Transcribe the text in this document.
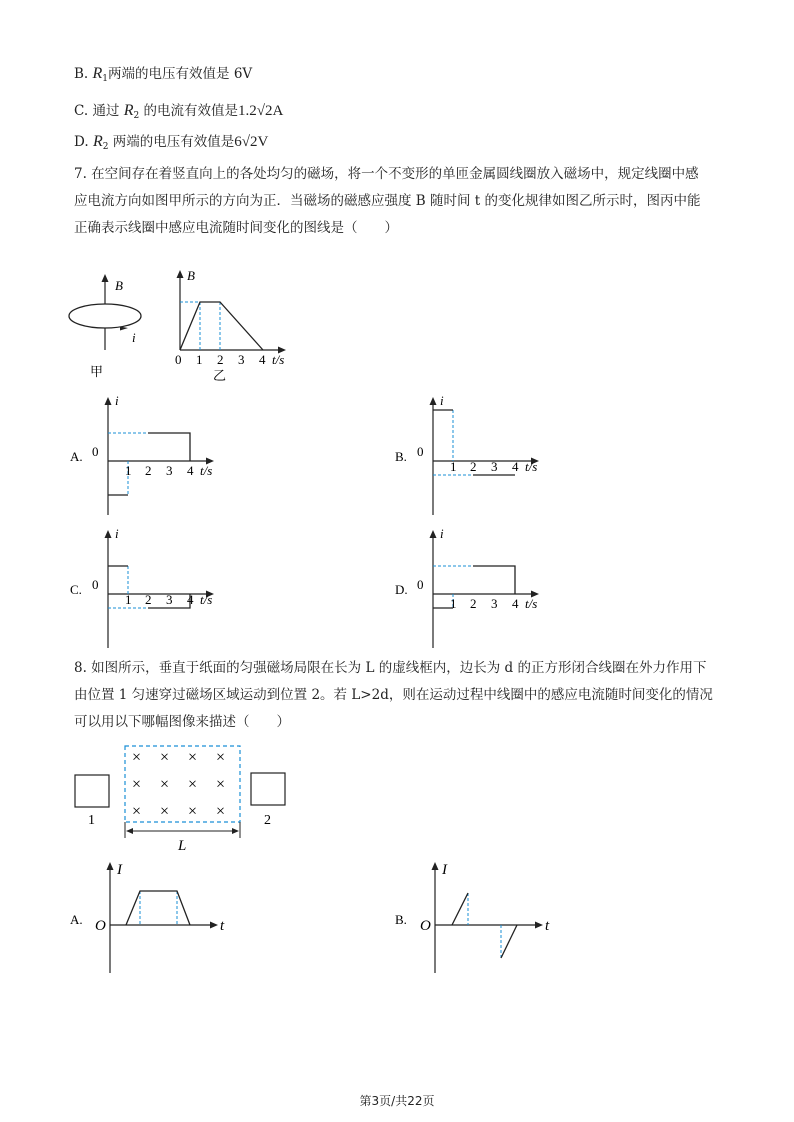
B. $R_1$两端的电压有效值是 6V
C. 通过 $R_2$ 的电流有效值是1.2√2A
D. $R_2$ 两端的电压有效值是6√2V
7. 在空间存在着竖直向上的各处均匀的磁场，将一个不变形的单匝金属圆线圈放入磁场中，规定线圈中感
应电流方向如图甲所示的方向为正．当磁场的磁感应强度 B 随时间 t 的变化规律如图乙所示时，图丙中能
正确表示线圈中感应电流随时间变化的图线是（　　）
B
i
甲
B
0 1 2 3 4 t/s
乙
A.
i
0
1 2 3 4 t/s
B.
i
0
1 2 3 4 t/s
C.
i
0
1 2 3 4 t/s
D.
i
0
1 2 3 4 t/s
8. 如图所示，垂直于纸面的匀强磁场局限在长为 L 的虚线框内，边长为 d 的正方形闭合线圈在外力作用下
由位置 1 匀速穿过磁场区域运动到位置 2。若 L>2d，则在运动过程中线圈中的感应电流随时间变化的情况
可以用以下哪幅图像来描述（　　）
1
× × × ×
× × × ×
× × × ×
2
L
A.
I
O	t	B.
I
O	t
第3页/共22页
